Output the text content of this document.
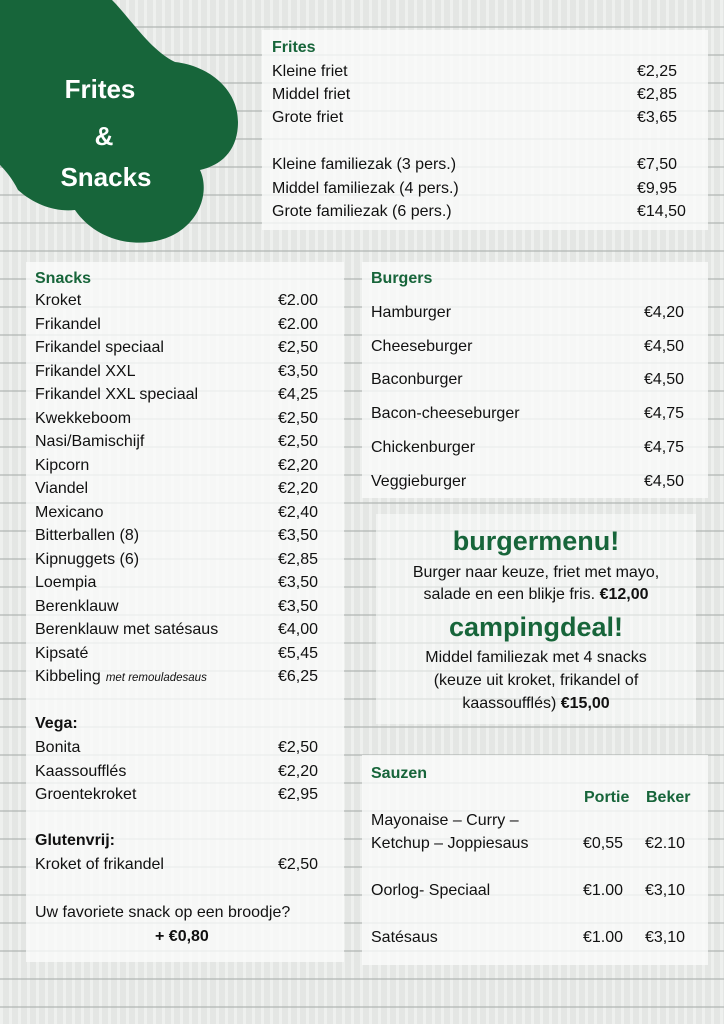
Frites
&
Snacks
Frites
Kleine friet	€2,25
Middel friet	€2,85
Grote friet	€3,65
Kleine familiezak (3 pers.)	€7,50
Middel familiezak (4 pers.)	€9,95
Grote familiezak (6 pers.)	€14,50
Snacks
Kroket	€2.00
Frikandel	€2.00
Frikandel speciaal	€2,50
Frikandel XXL	€3,50
Frikandel XXL speciaal	€4,25
Kwekkeboom	€2,50
Nasi/Bamischijf	€2,50
Kipcorn	€2,20
Viandel	€2,20
Mexicano	€2,40
Bitterballen (8)	€3,50
Kipnuggets (6)	€2,85
Loempia	€3,50
Berenklauw	€3,50
Berenklauw met satésaus	€4,00
Kipsaté	€5,45
Kibbeling met remouladesaus	€6,25
Vega:
Bonita	€2,50
Kaassoufflés	€2,20
Groentekroket	€2,95
Glutenvrij:
Kroket of frikandel	€2,50
Uw favoriete snack op een broodje?
+ €0,80
Burgers
Hamburger	€4,20
Cheeseburger	€4,50
Baconburger	€4,50
Bacon-cheeseburger	€4,75
Chickenburger	€4,75
Veggieburger	€4,50
burgermenu!
Burger naar keuze, friet met mayo,
salade en een blikje fris. €12,00
campingdeal!
Middel familiezak met 4 snacks
(keuze uit kroket, frikandel of
kaassoufflés) €15,00
Sauzen
Portie Beker
Mayonaise – Curry –
Ketchup – Joppiesaus	€0,55 €2.10
Oorlog- Speciaal	€1.00 €3,10
Satésaus	€1.00 €3,10
